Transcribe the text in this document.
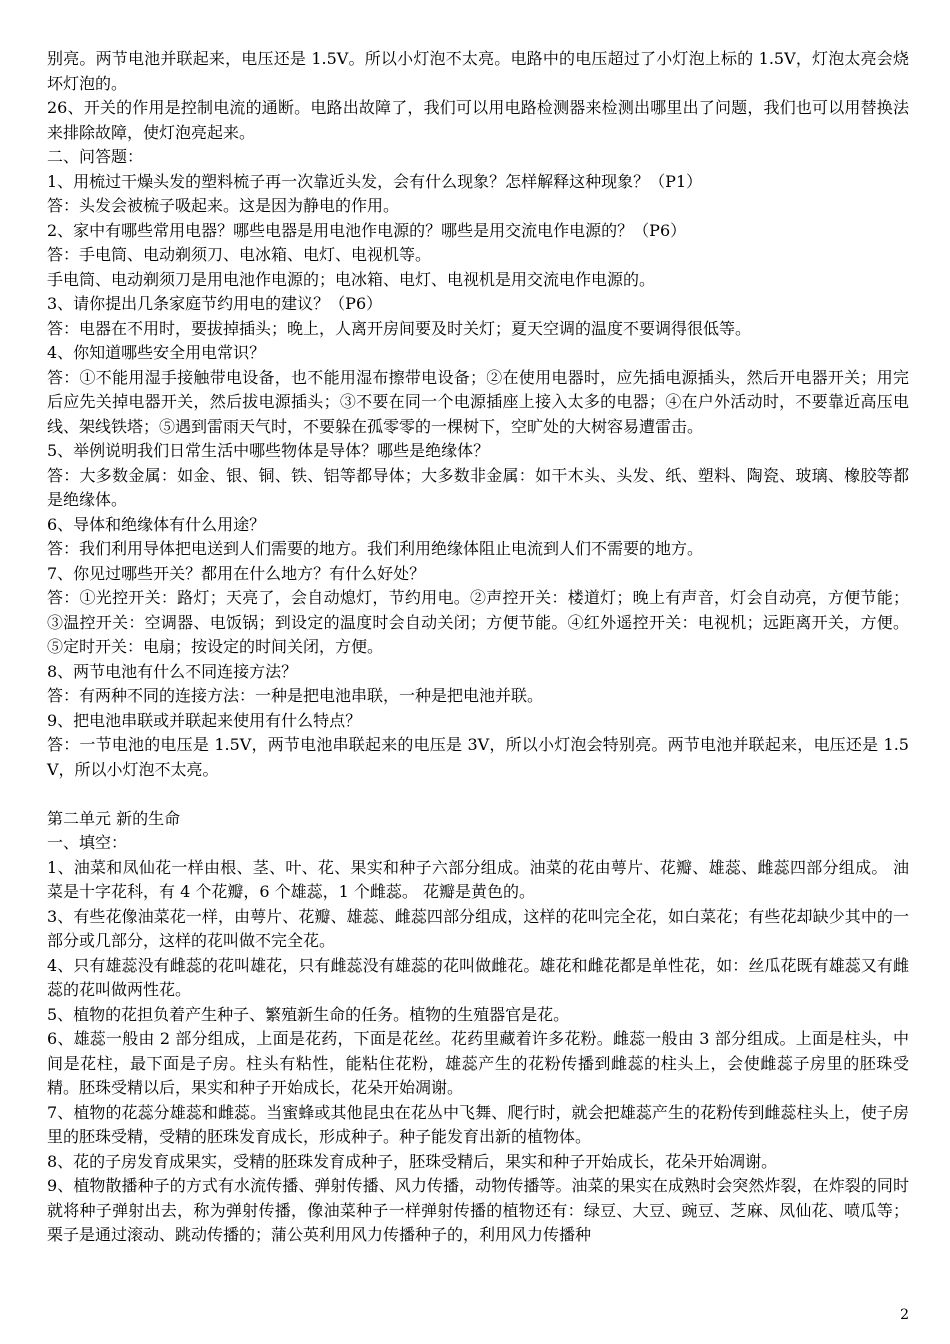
别亮。两节电池并联起来，电压还是 1.5V。所以小灯泡不太亮。电路中的电压超过了小灯泡上标的 1.5V，灯泡太亮会烧坏灯泡的。

26、开关的作用是控制电流的通断。电路出故障了，我们可以用电路检测器来检测出哪里出了问题，我们也可以用替换法来排除故障，使灯泡亮起来。

二、问答题：

1、用梳过干燥头发的塑料梳子再一次靠近头发，会有什么现象？怎样解释这种现象？（P1）

答：头发会被梳子吸起来。这是因为静电的作用。

2、家中有哪些常用电器？哪些电器是用电池作电源的？哪些是用交流电作电源的？（P6）

答：手电筒、电动剃须刀、电冰箱、电灯、电视机等。

手电筒、电动剃须刀是用电池作电源的；电冰箱、电灯、电视机是用交流电作电源的。

3、请你提出几条家庭节约用电的建议？（P6）

答：电器在不用时，要拔掉插头；晚上，人离开房间要及时关灯；夏天空调的温度不要调得很低等。

4、你知道哪些安全用电常识？

答：①不能用湿手接触带电设备，也不能用湿布擦带电设备；②在使用电器时，应先插电源插头，然后开电器开关；用完后应先关掉电器开关，然后拔电源插头；③不要在同一个电源插座上接入太多的电器；④在户外活动时，不要靠近高压电线、架线铁塔；⑤遇到雷雨天气时，不要躲在孤零零的一棵树下，空旷处的大树容易遭雷击。

5、举例说明我们日常生活中哪些物体是导体？哪些是绝缘体？

答：大多数金属：如金、银、铜、铁、铝等都导体；大多数非金属：如干木头、头发、纸、塑料、陶瓷、玻璃、橡胶等都是绝缘体。

6、导体和绝缘体有什么用途？

答：我们利用导体把电送到人们需要的地方。我们利用绝缘体阻止电流到人们不需要的地方。

7、你见过哪些开关？都用在什么地方？有什么好处？

答：①光控开关：路灯；天亮了，会自动熄灯，节约用电。②声控开关：楼道灯；晚上有声音，灯会自动亮，方便节能；③温控开关：空调器、电饭锅；到设定的温度时会自动关闭；方便节能。④红外遥控开关：电视机；远距离开关，方便。⑤定时开关：电扇；按设定的时间关闭，方便。

8、两节电池有什么不同连接方法？

答：有两种不同的连接方法：一种是把电池串联，一种是把电池并联。

9、把电池串联或并联起来使用有什么特点？

答：一节电池的电压是 1.5V，两节电池串联起来的电压是 3V，所以小灯泡会特别亮。两节电池并联起来，电压还是 1.5V，所以小灯泡不太亮。

第二单元 新的生命

一、填空：

1、油菜和凤仙花一样由根、茎、叶、花、果实和种子六部分组成。油菜的花由萼片、花瓣、雄蕊、雌蕊四部分组成。 油菜是十字花科，有 4 个花瓣，6 个雄蕊，1 个雌蕊。 花瓣是黄色的。

3、有些花像油菜花一样，由萼片、花瓣、雄蕊、雌蕊四部分组成，这样的花叫完全花，如白菜花；有些花却缺少其中的一部分或几部分，这样的花叫做不完全花。

4、只有雄蕊没有雌蕊的花叫雄花，只有雌蕊没有雄蕊的花叫做雌花。雄花和雌花都是单性花，如：丝瓜花既有雄蕊又有雌蕊的花叫做两性花。

5、植物的花担负着产生种子、繁殖新生命的任务。植物的生殖器官是花。

6、雄蕊一般由 2 部分组成，上面是花药，下面是花丝。花药里藏着许多花粉。雌蕊一般由 3 部分组成。上面是柱头，中间是花柱，最下面是子房。柱头有粘性，能粘住花粉，雄蕊产生的花粉传播到雌蕊的柱头上，会使雌蕊子房里的胚珠受精。胚珠受精以后，果实和种子开始成长，花朵开始凋谢。

7、植物的花蕊分雄蕊和雌蕊。当蜜蜂或其他昆虫在花丛中飞舞、爬行时，就会把雄蕊产生的花粉传到雌蕊柱头上，使子房里的胚珠受精，受精的胚珠发育成长，形成种子。种子能发育出新的植物体。

8、花的子房发育成果实，受精的胚珠发育成种子，胚珠受精后，果实和种子开始成长，花朵开始凋谢。

9、植物散播种子的方式有水流传播、弹射传播、风力传播，动物传播等。油菜的果实在成熟时会突然炸裂，在炸裂的同时就将种子弹射出去，称为弹射传播，像油菜种子一样弹射传播的植物还有：绿豆、大豆、豌豆、芝麻、凤仙花、喷瓜等；栗子是通过滚动、跳动传播的；蒲公英利用风力传播种子的，利用风力传播种

2
